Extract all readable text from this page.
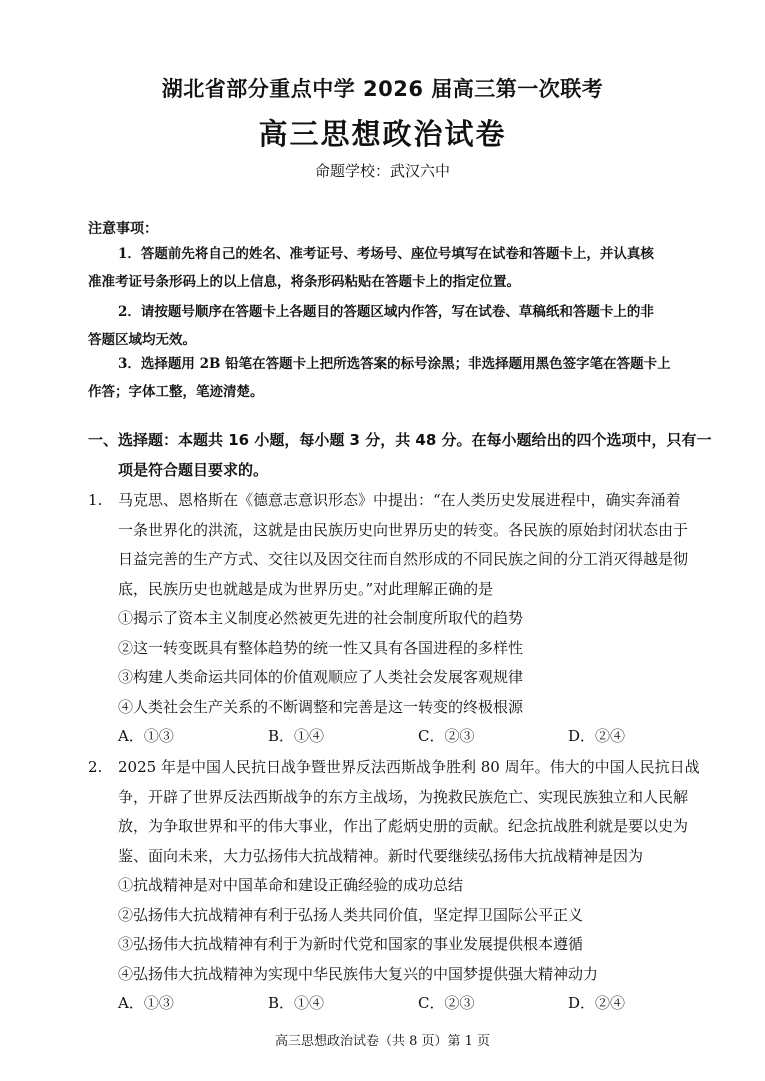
湖北省部分重点中学 2026 届高三第一次联考
高三思想政治试卷
命题学校：武汉六中
注意事项：
1．答题前先将自己的姓名、准考证号、考场号、座位号填写在试卷和答题卡上，并认真核
准准考证号条形码上的以上信息，将条形码粘贴在答题卡上的指定位置。
2．请按题号顺序在答题卡上各题目的答题区域内作答，写在试卷、草稿纸和答题卡上的非
答题区域均无效。
3．选择题用 2B 铅笔在答题卡上把所选答案的标号涂黑；非选择题用黑色签字笔在答题卡上
作答；字体工整，笔迹清楚。
一、选择题：本题共 16 小题，每小题 3 分，共 48 分。在每小题给出的四个选项中，只有一
项是符合题目要求的。
1.	马克思、恩格斯在《德意志意识形态》中提出：“在人类历史发展进程中，确实奔涌着
一条世界化的洪流，这就是由民族历史向世界历史的转变。各民族的原始封闭状态由于
日益完善的生产方式、交往以及因交往而自然形成的不同民族之间的分工消灭得越是彻
底，民族历史也就越是成为世界历史。”对此理解正确的是
①揭示了资本主义制度必然被更先进的社会制度所取代的趋势
②这一转变既具有整体趋势的统一性又具有各国进程的多样性
③构建人类命运共同体的价值观顺应了人类社会发展客观规律
④人类社会生产关系的不断调整和完善是这一转变的终极根源
A．①③	B．①④	C．②③	D．②④
2.	2025 年是中国人民抗日战争暨世界反法西斯战争胜利 80 周年。伟大的中国人民抗日战
争，开辟了世界反法西斯战争的东方主战场，为挽救民族危亡、实现民族独立和人民解
放，为争取世界和平的伟大事业，作出了彪炳史册的贡献。纪念抗战胜利就是要以史为
鉴、面向未来，大力弘扬伟大抗战精神。新时代要继续弘扬伟大抗战精神是因为
①抗战精神是对中国革命和建设正确经验的成功总结
②弘扬伟大抗战精神有利于弘扬人类共同价值，坚定捍卫国际公平正义
③弘扬伟大抗战精神有利于为新时代党和国家的事业发展提供根本遵循
④弘扬伟大抗战精神为实现中华民族伟大复兴的中国梦提供强大精神动力
A．①③	B．①④	C．②③	D．②④
高三思想政治试卷（共 8 页）第 1 页
